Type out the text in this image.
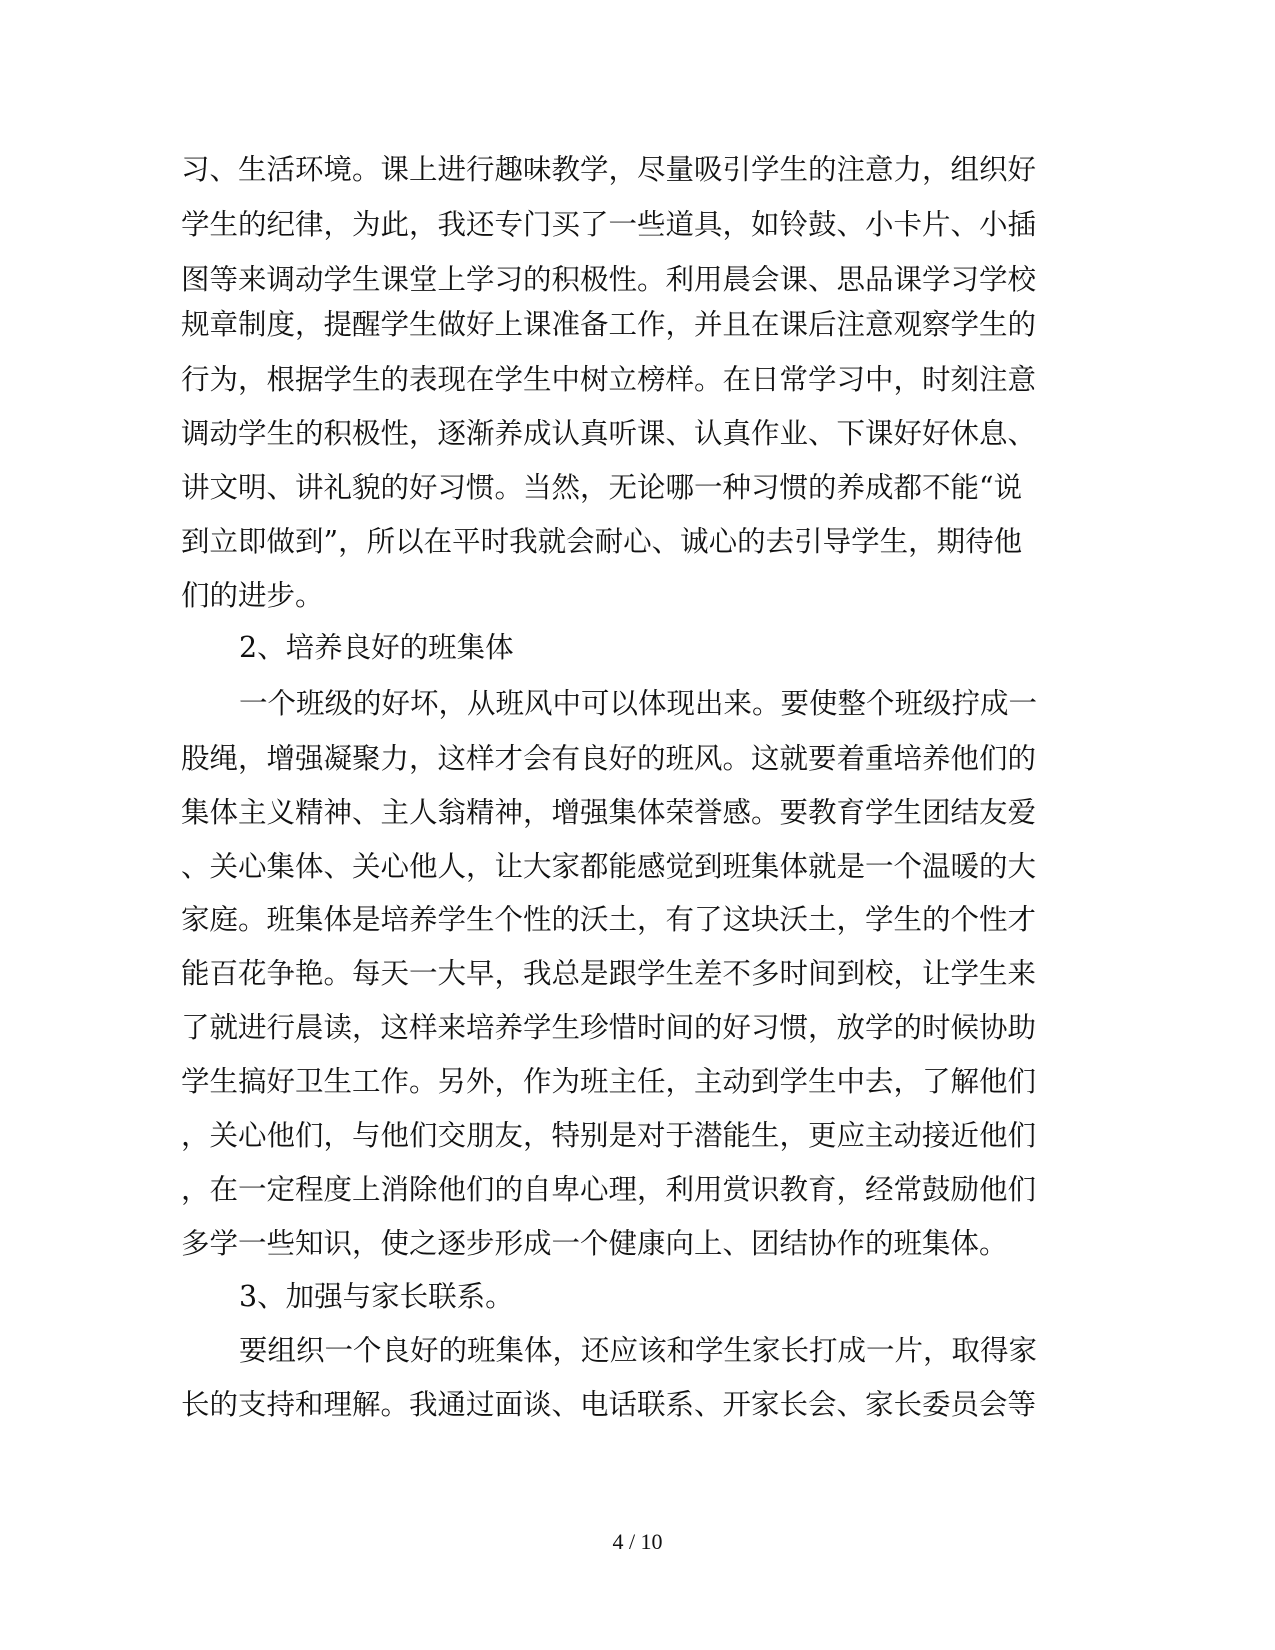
习、生活环境。课上进行趣味教学，尽量吸引学生的注意力，组织好
学生的纪律，为此，我还专门买了一些道具，如铃鼓、小卡片、小插
图等来调动学生课堂上学习的积极性。利用晨会课、思品课学习学校
规章制度，提醒学生做好上课准备工作，并且在课后注意观察学生的
行为，根据学生的表现在学生中树立榜样。在日常学习中，时刻注意
调动学生的积极性，逐渐养成认真听课、认真作业、下课好好休息、
讲文明、讲礼貌的好习惯。当然，无论哪一种习惯的养成都不能“说
到立即做到”，所以在平时我就会耐心、诚心的去引导学生，期待他
们的进步。
2、培养良好的班集体
一个班级的好坏，从班风中可以体现出来。要使整个班级拧成一
股绳，增强凝聚力，这样才会有良好的班风。这就要着重培养他们的
集体主义精神、主人翁精神，增强集体荣誉感。要教育学生团结友爱
、关心集体、关心他人，让大家都能感觉到班集体就是一个温暖的大
家庭。班集体是培养学生个性的沃土，有了这块沃土，学生的个性才
能百花争艳。每天一大早，我总是跟学生差不多时间到校，让学生来
了就进行晨读，这样来培养学生珍惜时间的好习惯，放学的时候协助
学生搞好卫生工作。另外，作为班主任，主动到学生中去，了解他们
，关心他们，与他们交朋友，特别是对于潜能生，更应主动接近他们
，在一定程度上消除他们的自卑心理，利用赏识教育，经常鼓励他们
多学一些知识，使之逐步形成一个健康向上、团结协作的班集体。
3、加强与家长联系。
要组织一个良好的班集体，还应该和学生家长打成一片，取得家
长的支持和理解。我通过面谈、电话联系、开家长会、家长委员会等
4 / 10
